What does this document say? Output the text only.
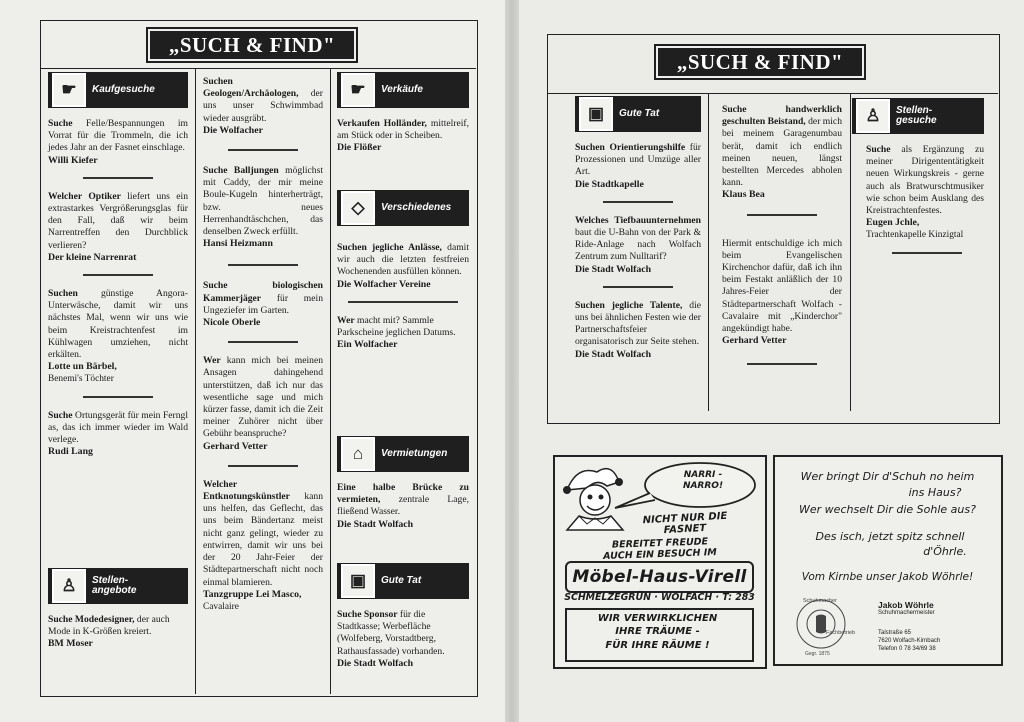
„SUCH & FIND"
☛	Kaufgesuche
Suche Felle/Bespannungen im Vorrat für die Trommeln, die ich jedes Jahr an der Fasnet einschlage.
Willi Kiefer
Welcher Optiker liefert uns ein extrastarkes Vergrößerungsglas für den Fall, daß wir beim Narrentreffen den Durchblick verlieren?
Der kleine Narrenrat
Suchen günstige Angora-Unterwäsche, damit wir uns nächstes Mal, wenn wir uns wie beim Kreistrachtenfest im Kühlwagen umziehen, nicht erkälten.
Lotte un Bärbel,
Benemi's Töchter
Suche Ortungsgerät für mein Ferngl as, das ich immer wieder im Wald verlege.
Rudi Lang
♙	Stellen-
angebote
Suche Modedesigner, der auch Mode in K-Größen kreiert.
BM Moser
Suchen Geologen/Archäologen, der uns unser Schwimmbad wieder ausgräbt.
Die Wolfacher
Suche Balljungen möglichst mit Caddy, der mir meine Boule-Kugeln hinterherträgt, bzw. neues Herrenhandtäschchen, das denselben Zweck erfüllt.
Hansi Heizmann
Suche biologischen Kammerjäger für mein Ungeziefer im Garten.
Nicole Oberle
Wer kann mich bei meinen Ansagen dahingehend unterstützen, daß ich nur das wesentliche sage und mich kürzer fasse, damit ich die Zeit meiner Zuhörer nicht über Gebühr beanspruche?
Gerhard Vetter
Welcher Entknotungskünstler kann uns helfen, das Geflecht, das uns beim Bändertanz meist nicht ganz gelingt, wieder zu entwirren, damit wir uns bei der 20 Jahr-Feier der Städtepartnerschaft nicht noch einmal blamieren.
Tanzgruppe Lei Masco,
Cavalaire
☛	Verkäufe
Verkaufen Holländer, mittelreif, am Stück oder in Scheiben.
Die Flößer
◇	Verschiedenes
Suchen jegliche Anlässe, damit wir auch die letzten festfreien Wochenenden ausfüllen können.
Die Wolfacher Vereine
Wer macht mit? Sammle Parkscheine jeglichen Datums.
Ein Wolfacher
⌂	Vermietungen
Eine halbe Brücke zu vermieten, zentrale Lage, fließend Wasser.
Die Stadt Wolfach
▣	Gute Tat
Suche Sponsor für die Stadtkasse; Werbefläche (Wolfeberg, Vorstadtberg, Rathausfassade) vorhanden.
Die Stadt Wolfach
„SUCH & FIND"
▣	Gute Tat
Suchen Orientierungshilfe für Prozessionen und Umzüge aller Art.
Die Stadtkapelle
Welches Tiefbauunternehmen baut die U-Bahn von der Park & Ride-Anlage nach Wolfach Zentrum zum Nulltarif?
Die Stadt Wolfach
Suchen jegliche Talente, die uns bei ähnlichen Festen wie der Partnerschaftsfeier organisatorisch zur Seite stehen.
Die Stadt Wolfach
Suche handwerklich geschulten Beistand, der mich bei meinem Garagenumbau berät, damit ich endlich meinen neuen, längst bestellten Mercedes abholen kann.
Klaus Bea
Hiermit entschuldige ich mich beim Evangelischen Kirchenchor dafür, daß ich ihn beim Festakt anläßlich der 10 Jahres-Feier der Städtepartnerschaft Wolfach - Cavalaire mit „Kinderchor" angekündigt habe.
Gerhard Vetter
♙	Stellen-
gesuche
Suche als Ergänzung zu meiner Dirigententätigkeit neuen Wirkungskreis - gerne auch als Bratwurschtmusiker wie schon beim Ausklang des Kreistrachtenfestes.
Eugen Jchle,
Trachtenkapelle Kinzigtal
NARRI - NARRO!
NICHT NUR DIE
FASNET
BEREITET FREUDE
AUCH EIN BESUCH IM
Möbel-Haus-Virell
SCHMELZEGRÜN · WOLFACH · T: 283
WIR VERWIRKLICHEN
IHRE TRÄUME -
FÜR IHRE RÄUME !
Wer bringt Dir d'Schuh no heim
ins Haus?
Wer wechselt Dir die Sohle aus?
Des isch, jetzt spitz schnell
d'Öhrle.
Vom Kirnbe unser Jakob Wöhrle!
Schuhmacher
Fachbetrieb
Gegr. 1875
Jakob Wöhrle
Schuhmachermeister
Talstraße 65
7620 Wolfach-Kirnbach
Telefon 0 78 34/69 38
